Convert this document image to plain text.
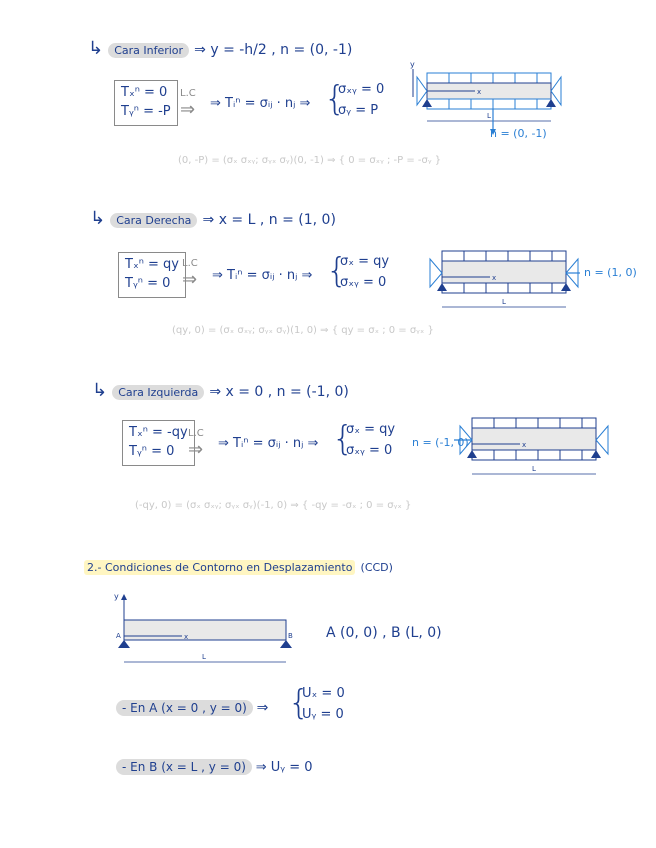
↳ Cara Inferior ⇒ y = -h/2 , n = (0, -1)
Tₓⁿ = 0
Tᵧⁿ = -P
L.C
⇒ ⇒ Tᵢⁿ = σᵢⱼ · nⱼ ⇒ {
σₓᵧ = 0
σᵧ = P
(0, -P) = (σₓ σₓᵧ; σᵧₓ σᵧ)(0, -1) ⇒ { 0 = σₓᵧ ; -P = -σᵧ }
y
x
L
n = (0, -1)
↳ Cara Derecha ⇒ x = L , n = (1, 0)
Tₓⁿ = qy
Tᵧⁿ = 0
L.C
⇒ ⇒ Tᵢⁿ = σᵢⱼ · nⱼ ⇒ {
σₓ = qy
σₓᵧ = 0
(qy, 0) = (σₓ σₓᵧ; σᵧₓ σᵧ)(1, 0) ⇒ { qy = σₓ ; 0 = σᵧₓ }
x
L
n = (1, 0)
↳ Cara Izquierda ⇒ x = 0 , n = (-1, 0)
Tₓⁿ = -qy
Tᵧⁿ = 0
L.C
⇒ ⇒ Tᵢⁿ = σᵢⱼ · nⱼ ⇒ {
σₓ = qy
σₓᵧ = 0
(-qy, 0) = (σₓ σₓᵧ; σᵧₓ σᵧ)(-1, 0) ⇒ { -qy = -σₓ ; 0 = σᵧₓ }
n = (-1, 0)	x
L
2.- Condiciones de Contorno en Desplazamiento (CCD)
y
x
A	B
L
A (0, 0) , B (L, 0)
- En A (x = 0 , y = 0) ⇒ {
Uₓ = 0
Uᵧ = 0
- En B (x = L , y = 0) ⇒ Uᵧ = 0
